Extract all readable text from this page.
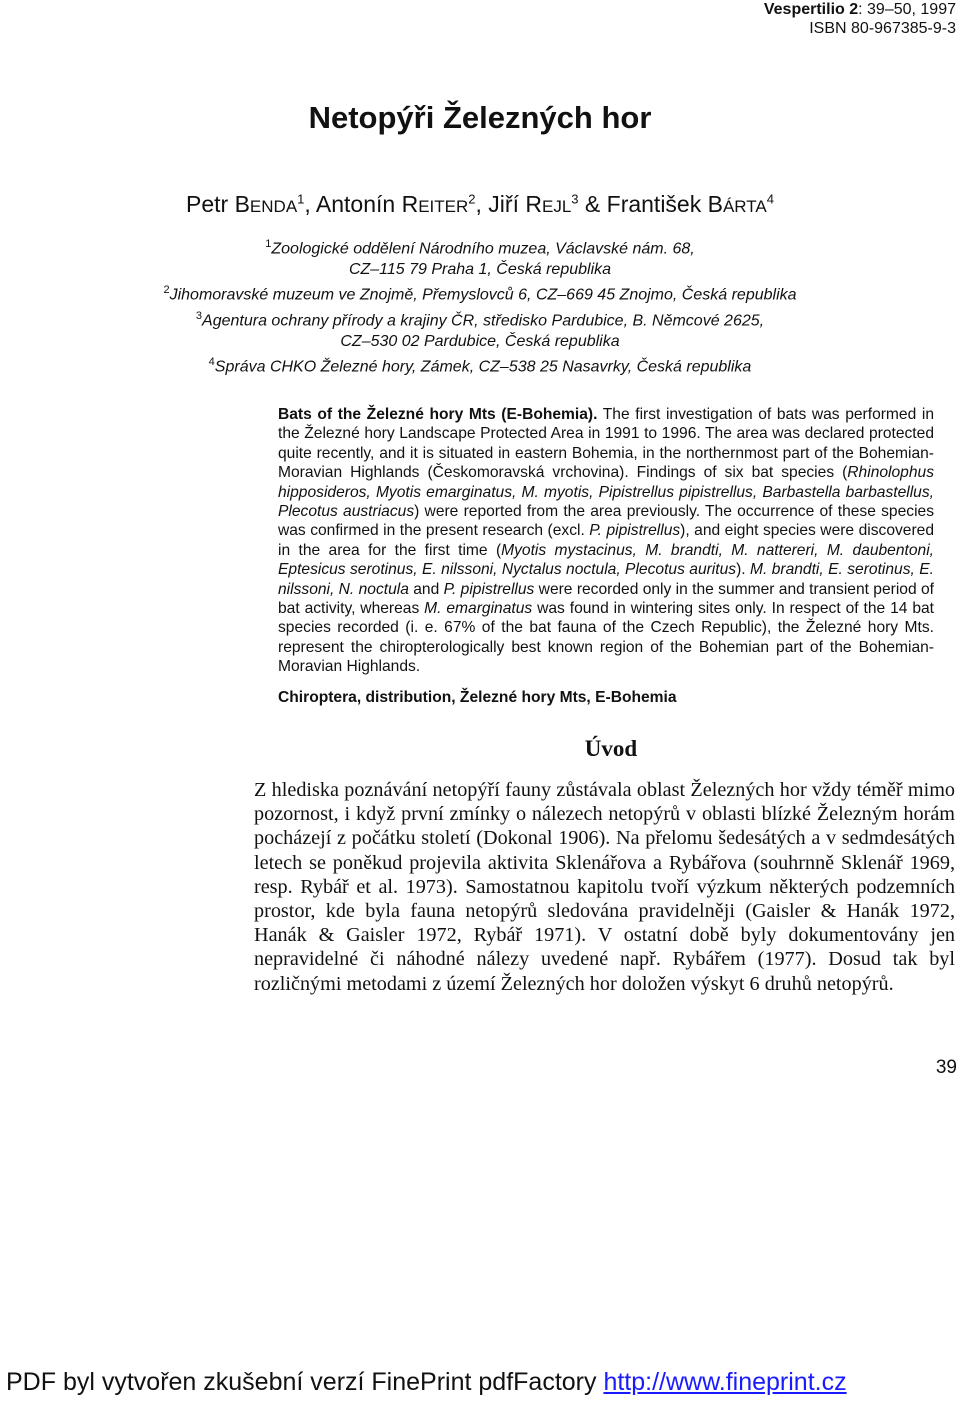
Vespertilio 2: 39–50, 1997
ISBN 80-967385-9-3
Netopýři Železných hor
Petr BENDA$^1$, Antonín REITER$^2$, Jiří REJL$^3$ & František BÁRTA$^4$
$^1$Zoologické oddělení Národního muzea, Václavské nám. 68,
CZ–115 79 Praha 1, Česká republika
$^2$Jihomoravské muzeum ve Znojmě, Přemyslovců 6, CZ–669 45 Znojmo, Česká republika
$^3$Agentura ochrany přírody a krajiny ČR, středisko Pardubice, B. Němcové 2625,
CZ–530 02 Pardubice, Česká republika
$^4$Správa CHKO Železné hory, Zámek, CZ–538 25 Nasavrky, Česká republika
Bats of the Železné hory Mts (E-Bohemia). The first investigation of bats was performed in the Železné hory Landscape Protected Area in 1991 to 1996. The area was declared protected quite recently, and it is situated in eastern Bohemia, in the northernmost part of the Bohemian-Moravian Highlands (Českomoravská vrchovina). Findings of six bat species (Rhinolophus hipposideros, Myotis emarginatus, M. myotis, Pipistrellus pipistrellus, Barbastella barbastellus, Plecotus austriacus) were reported from the area previously. The occurrence of these species was confirmed in the present research (excl. P. pipistrellus), and eight species were discovered in the area for the first time (Myotis mystacinus, M. brandti, M. nattereri, M. daubentoni, Eptesicus serotinus, E. nilssoni, Nyctalus noctula, Plecotus auritus). M. brandti, E. serotinus, E. nilssoni, N. noctula and P. pipistrellus were recorded only in the summer and transient period of bat activity, whereas M. emarginatus was found in wintering sites only. In respect of the 14 bat species recorded (i. e. 67% of the bat fauna of the Czech Republic), the Železné hory Mts. represent the chiropterologically best known region of the Bohemian part of the Bohemian-Moravian Highlands.
Chiroptera, distribution, Železné hory Mts, E-Bohemia
Úvod
Z hlediska poznávání netopýří fauny zůstávala oblast Železných hor vždy téměř mimo pozornost, i když první zmínky o nálezech netopýrů v oblasti blízké Železným horám pocházejí z počátku století (Dokonal 1906). Na přelomu šedesátých a v sedmdesátých letech se poněkud projevila aktivita Sklenářova a Rybářova (souhrnně Sklenář 1969, resp. Rybář et al. 1973). Samostatnou kapitolu tvoří výzkum některých podzemních prostor, kde byla fauna netopýrů sledována pravidelněji (Gaisler & Hanák 1972, Hanák & Gaisler 1972, Rybář 1971). V ostatní době byly dokumentovány jen nepravidelné či náhodné nálezy uvedené např. Rybářem (1977). Dosud tak byl rozličnými metodami z území Železných hor doložen výskyt 6 druhů netopýrů.
39
PDF byl vytvořen zkušební verzí FinePrint pdfFactory http://www.fineprint.cz
